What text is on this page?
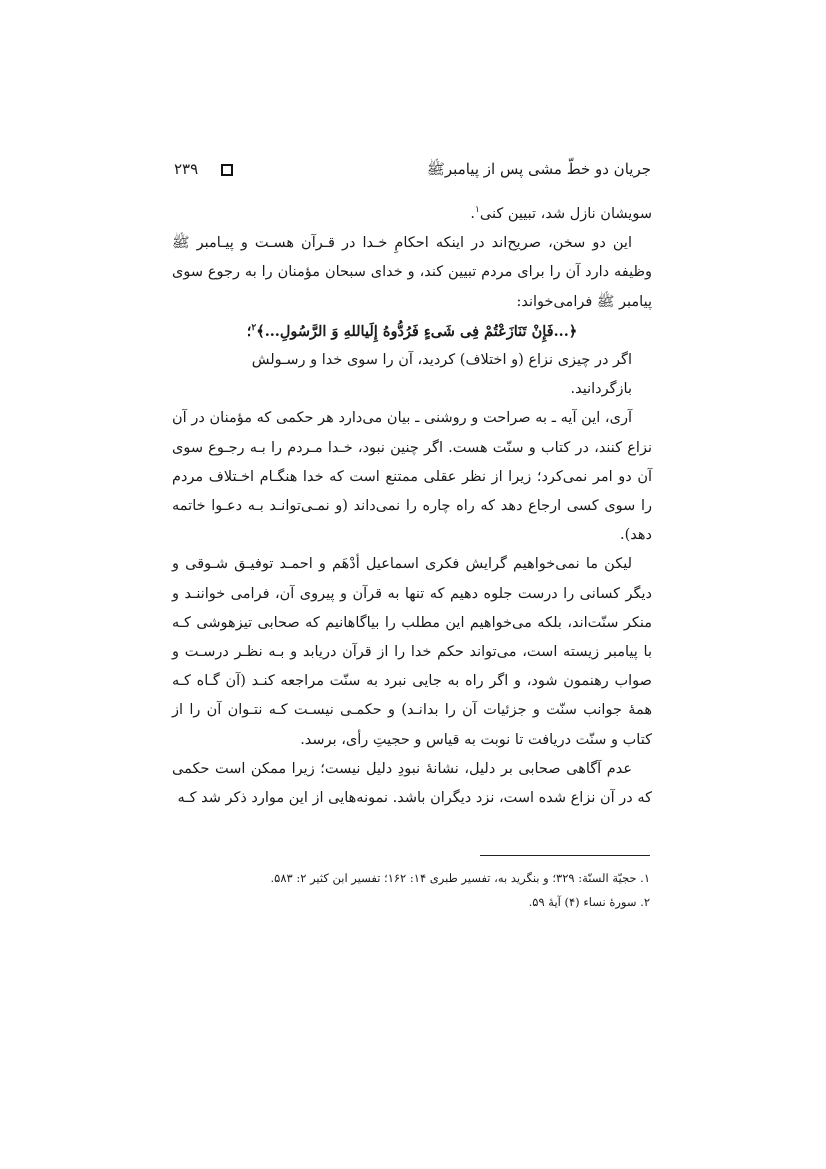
جریان دو خطّ مشی پس از پیامبرﷺ
۲۳۹

سویشان نازل شد، تبیین کنی$^۱$.

این دو سخن، صریح‌اند در اینکه احکامِ خـدا در قـرآن هسـت و پیـامبر ﷺ وظیفه دارد آن را برای مردم تبیین کند، و خدای سبحان مؤمنان را به رجوع سوی پیامبر ﷺ فرامی‌خواند:

﴿...فَإِنْ تَنَازَعْتُمْ فِی شَیءٍ فَرُدُّوهُ إِلَیاللهِ وَ الرَّسُولِ...﴾$^۲$؛

اگر در چیزی نزاع (و اختلاف) کردید، آن را سوی خدا و رسـولش

بازگردانید.

آری، این آیه ـ به صراحت و روشنی ـ بیان می‌دارد هر حکمی که مؤمنان در آن نزاع کنند، در کتاب و سنّت هست. اگر چنین نبود، خـدا مـردم را بـه رجـوع سوی آن دو امر نمی‌کرد؛ زیرا از نظر عقلی ممتنع است که خدا هنگـام اخـتلاف مردم را سوی کسی ارجاع دهد که راه چاره را نمی‌داند (و نمـی‌توانـد بـه دعـوا خاتمه دهد).

لیکن ما نمی‌خواهیم گرایش فکری اسماعیل أدْهَم و احمـد توفیـق شـوقی و دیگر کسانی را درست جلوه دهیم که تنها به قرآن و پیروی آن، فرامی خواننـد و منکر سنّت‌اند، بلکه می‌خواهیم این مطلب را بیاگاهانیم که صحابی تیزهوشی کـه با پیامبر زیسته است، می‌تواند حکم خدا را از قرآن دریابد و بـه نظـر درسـت و صواب رهنمون شود، و اگر راه به جایی نبرد به سنّت مراجعه کنـد (آن گـاه کـه همهٔ جوانب سنّت و جزئیات آن را بدانـد) و حکمـی نیسـت کـه نتـوان آن را از کتاب و سنّت دریافت تا نوبت به قیاس و حجیتِ رأی، برسد.

عدم آگاهی صحابی بر دلیل، نشانهٔ نبودِ دلیل نیست؛ زیرا ممکن است حکمی که در آن نزاع شده است، نزد دیگران باشد. نمونه‌هایی از این موارد ذکر شد کـه

۱. حجیّة السنّة: ۳۲۹؛ و بنگرید به، تفسیر طبری ۱۴: ۱۶۲؛ تفسیر ابن کثیر ۲: ۵۸۳.

۲. سورهٔ نساء (۴) آیهٔ ۵۹.
